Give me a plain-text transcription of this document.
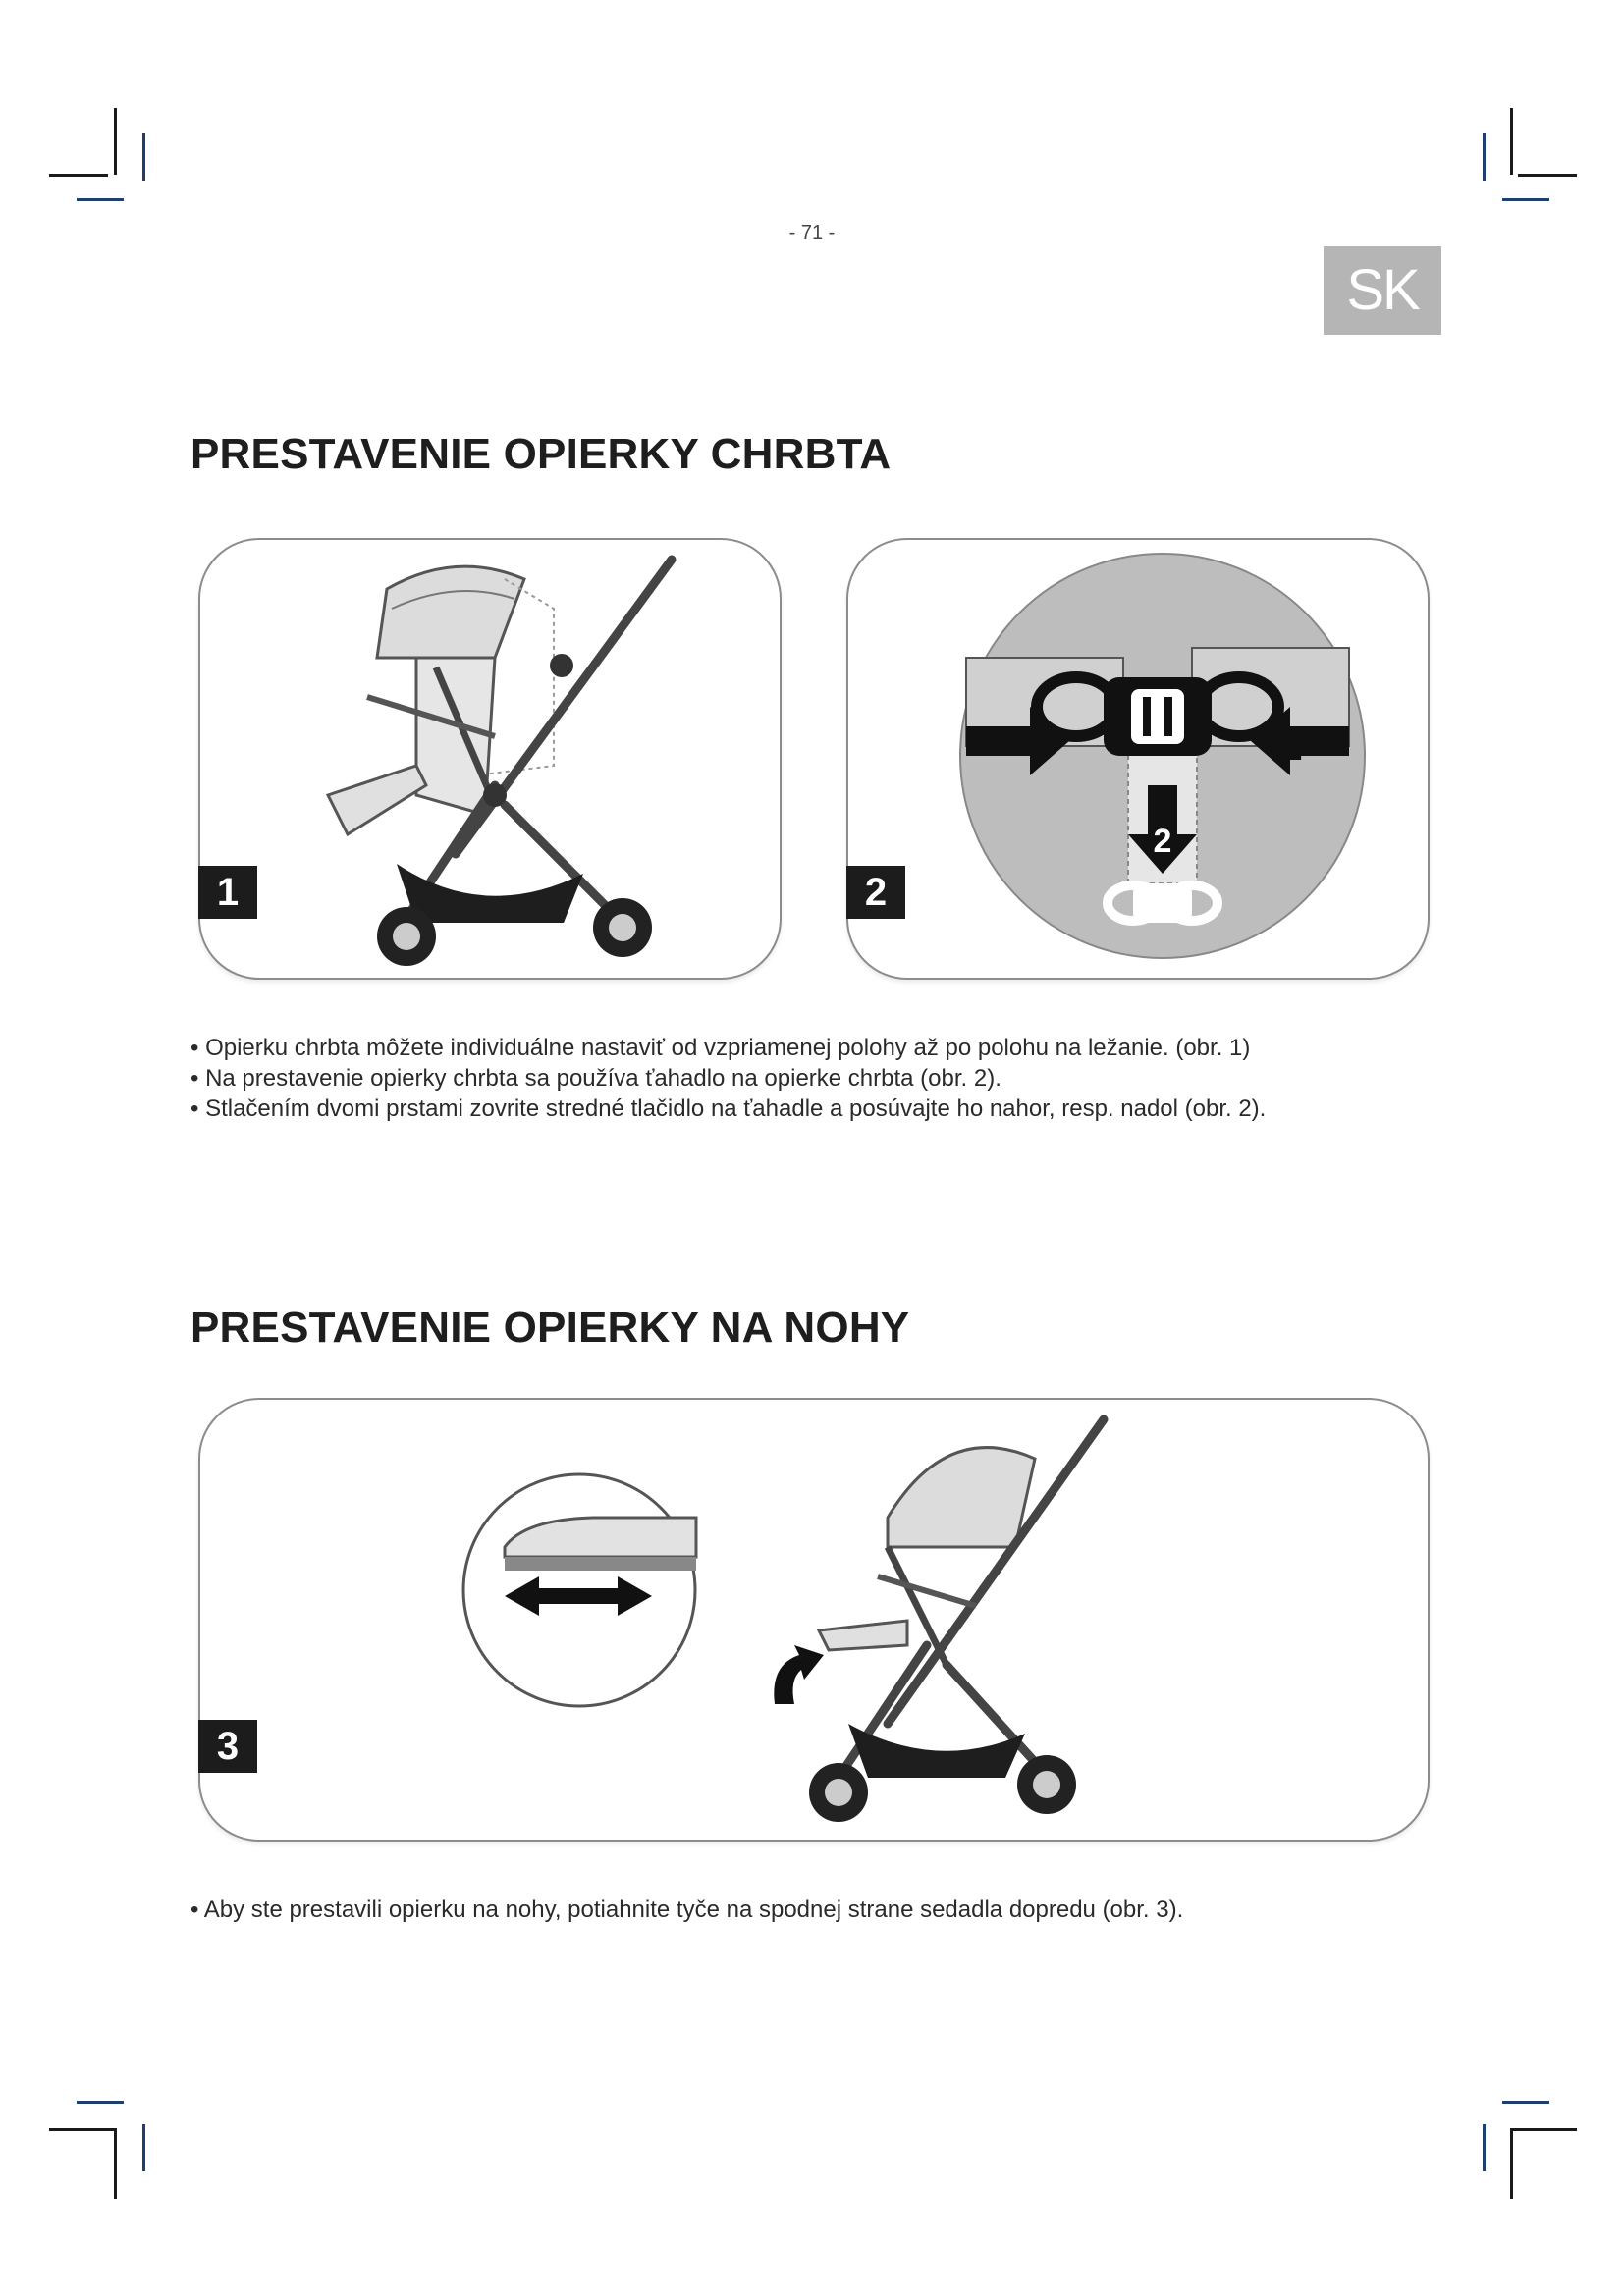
- 71 -
SK
PRESTAVENIE OPIERKY CHRBTA
1
1
2
2
• Opierku chrbta môžete individuálne nastaviť od vzpriamenej polohy až po polohu na ležanie. (obr. 1)
• Na prestavenie opierky chrbta sa používa ťahadlo na opierke chrbta (obr. 2).
• Stlačením dvomi prstami zovrite stredné tlačidlo na ťahadle a posúvajte ho nahor, resp. nadol (obr. 2).
PRESTAVENIE OPIERKY NA NOHY
3
• Aby ste prestavili opierku na nohy, potiahnite tyče na spodnej strane sedadla dopredu (obr. 3).
